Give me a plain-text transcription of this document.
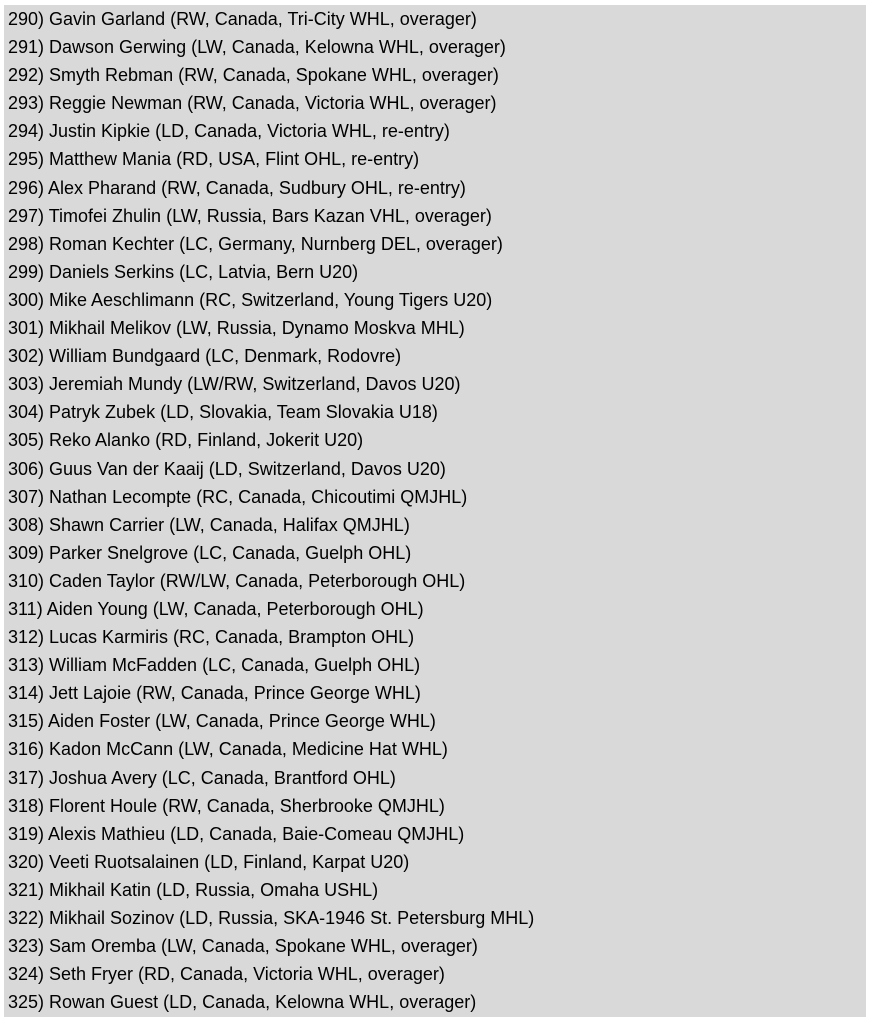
290) Gavin Garland (RW, Canada, Tri-City WHL, overager)
291) Dawson Gerwing (LW, Canada, Kelowna WHL, overager)
292) Smyth Rebman (RW, Canada, Spokane WHL, overager)
293) Reggie Newman (RW, Canada, Victoria WHL, overager)
294) Justin Kipkie (LD, Canada, Victoria WHL, re-entry)
295) Matthew Mania (RD, USA, Flint OHL, re-entry)
296) Alex Pharand (RW, Canada, Sudbury OHL, re-entry)
297) Timofei Zhulin (LW, Russia, Bars Kazan VHL, overager)
298) Roman Kechter (LC, Germany, Nurnberg DEL, overager)
299) Daniels Serkins (LC, Latvia, Bern U20)
300) Mike Aeschlimann (RC, Switzerland, Young Tigers U20)
301) Mikhail Melikov (LW, Russia, Dynamo Moskva MHL)
302) William Bundgaard (LC, Denmark, Rodovre)
303) Jeremiah Mundy (LW/RW, Switzerland, Davos U20)
304) Patryk Zubek (LD, Slovakia, Team Slovakia U18)
305) Reko Alanko (RD, Finland, Jokerit U20)
306) Guus Van der Kaaij (LD, Switzerland, Davos U20)
307) Nathan Lecompte (RC, Canada, Chicoutimi QMJHL)
308) Shawn Carrier (LW, Canada, Halifax QMJHL)
309) Parker Snelgrove (LC, Canada, Guelph OHL)
310) Caden Taylor (RW/LW, Canada, Peterborough OHL)
311) Aiden Young (LW, Canada, Peterborough OHL)
312) Lucas Karmiris (RC, Canada, Brampton OHL)
313) William McFadden (LC, Canada, Guelph OHL)
314) Jett Lajoie (RW, Canada, Prince George WHL)
315) Aiden Foster (LW, Canada, Prince George WHL)
316) Kadon McCann (LW, Canada, Medicine Hat WHL)
317) Joshua Avery (LC, Canada, Brantford OHL)
318) Florent Houle (RW, Canada, Sherbrooke QMJHL)
319) Alexis Mathieu (LD, Canada, Baie-Comeau QMJHL)
320) Veeti Ruotsalainen (LD, Finland, Karpat U20)
321) Mikhail Katin (LD, Russia, Omaha USHL)
322) Mikhail Sozinov (LD, Russia, SKA-1946 St. Petersburg MHL)
323) Sam Oremba (LW, Canada, Spokane WHL, overager)
324) Seth Fryer (RD, Canada, Victoria WHL, overager)
325) Rowan Guest (LD, Canada, Kelowna WHL, overager)
